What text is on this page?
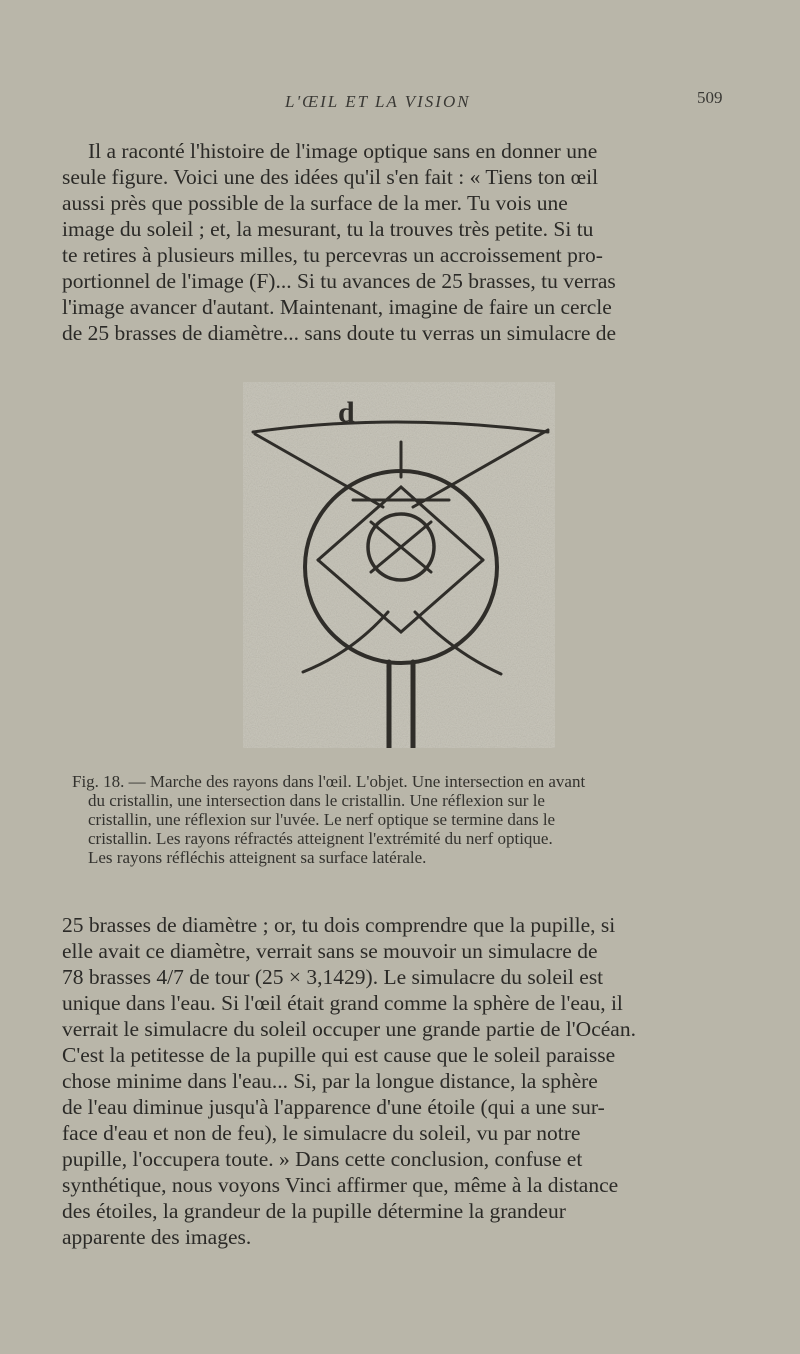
L'ŒIL ET LA VISION	509
Il a raconté l'histoire de l'image optique sans en donner une
seule figure. Voici une des idées qu'il s'en fait : « Tiens ton œil
aussi près que possible de la surface de la mer. Tu vois une
image du soleil ; et, la mesurant, tu la trouves très petite. Si tu
te retires à plusieurs milles, tu percevras un accroissement pro-
portionnel de l'image (F)... Si tu avances de 25 brasses, tu verras
l'image avancer d'autant. Maintenant, imagine de faire un cercle
de 25 brasses de diamètre... sans doute tu verras un simulacre de
d
Fig. 18. — Marche des rayons dans l'œil. L'objet. Une intersection en avant
du cristallin, une intersection dans le cristallin. Une réflexion sur le
cristallin, une réflexion sur l'uvée. Le nerf optique se termine dans le
cristallin. Les rayons réfractés atteignent l'extrémité du nerf optique.
Les rayons réfléchis atteignent sa surface latérale.
25 brasses de diamètre ; or, tu dois comprendre que la pupille, si
elle avait ce diamètre, verrait sans se mouvoir un simulacre de
78 brasses 4/7 de tour (25 × 3,1429). Le simulacre du soleil est
unique dans l'eau. Si l'œil était grand comme la sphère de l'eau, il
verrait le simulacre du soleil occuper une grande partie de l'Océan.
C'est la petitesse de la pupille qui est cause que le soleil paraisse
chose minime dans l'eau... Si, par la longue distance, la sphère
de l'eau diminue jusqu'à l'apparence d'une étoile (qui a une sur-
face d'eau et non de feu), le simulacre du soleil, vu par notre
pupille, l'occupera toute. » Dans cette conclusion, confuse et
synthétique, nous voyons Vinci affirmer que, même à la distance
des étoiles, la grandeur de la pupille détermine la grandeur
apparente des images.
